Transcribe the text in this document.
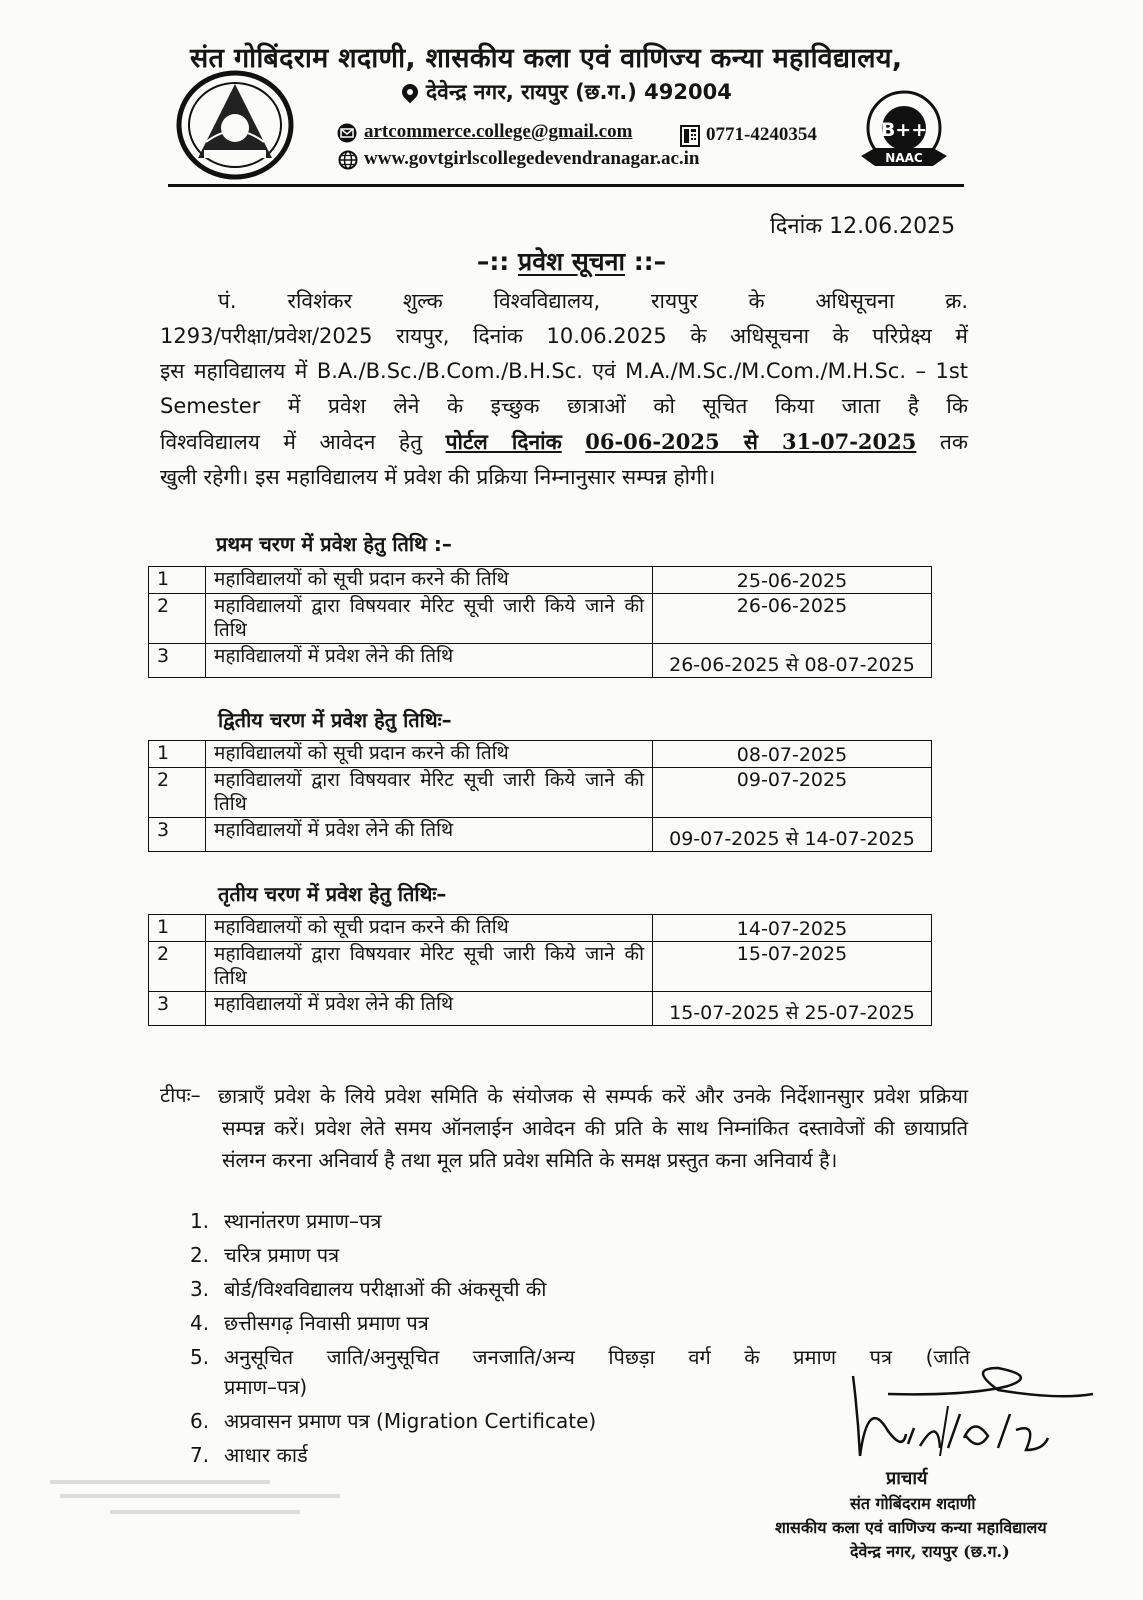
संत गोबिंदराम शदाणी, शासकीय कला एवं वाणिज्य कन्या महाविद्यालय,
देवेन्द्र नगर, रायपुर (छ.ग.) 492004
artcommerce.college@gmail.com	0771-4240354
www.govtgirlscollegedevendranagar.ac.in
B++
NAAC
दिनांक 12.06.2025
–:: प्रवेश सूचना ::–
पं. रविशंकर शुल्क विश्वविद्यालय, रायपुर के अधिसूचना क्र.
1293/परीक्षा/प्रवेश/2025 रायपुर, दिनांक 10.06.2025 के अधिसूचना के परिप्रेक्ष्य में
इस महाविद्यालय में B.A./B.Sc./B.Com./B.H.Sc. एवं M.A./M.Sc./M.Com./M.H.Sc. – 1st
Semester में प्रवेश लेने के इच्छुक छात्राओं को सूचित किया जाता है कि
विश्वविद्यालय में आवेदन हेतु पोर्टल दिनांक 06-06-2025 से 31-07-2025 तक
खुली रहेगी। इस महाविद्यालय में प्रवेश की प्रक्रिया निम्नानुसार सम्पन्न होगी।
प्रथम चरण में प्रवेश हेतु तिथि :–
1	महाविद्यालयों को सूची प्रदान करने की तिथि	25-06-2025
2	महाविद्यालयों द्वारा विषयवार मेरिट सूची जारी किये जाने की तिथि	26-06-2025
3	महाविद्यालयों में प्रवेश लेने की तिथि	26-06-2025 से 08-07-2025
द्वितीय चरण में प्रवेश हेतु तिथिः–
1	महाविद्यालयों को सूची प्रदान करने की तिथि	08-07-2025
2	महाविद्यालयों द्वारा विषयवार मेरिट सूची जारी किये जाने की तिथि	09-07-2025
3	महाविद्यालयों में प्रवेश लेने की तिथि	09-07-2025 से 14-07-2025
तृतीय चरण में प्रवेश हेतु तिथिः–
1	महाविद्यालयों को सूची प्रदान करने की तिथि	14-07-2025
2	महाविद्यालयों द्वारा विषयवार मेरिट सूची जारी किये जाने की तिथि	15-07-2025
3	महाविद्यालयों में प्रवेश लेने की तिथि	15-07-2025 से 25-07-2025
टीपः– छात्राएँ प्रवेश के लिये प्रवेश समिति के संयोजक से सम्पर्क करें और उनके निर्देशानसुार प्रवेश प्रक्रिया सम्पन्न करें। प्रवेश लेते समय ऑनलाईन आवेदन की प्रति के साथ निम्नांकित दस्तावेजों की छायाप्रति संलग्न करना अनिवार्य है तथा मूल प्रति प्रवेश समिति के समक्ष प्रस्तुत कना अनिवार्य है।
1. स्थानांतरण प्रमाण–पत्र
2. चरित्र प्रमाण पत्र
3. बोर्ड/विश्वविद्यालय परीक्षाओं की अंकसूची की
4. छत्तीसगढ़ निवासी प्रमाण पत्र
5. अनुसूचित जाति/अनुसूचित जनजाति/अन्य पिछड़ा वर्ग के प्रमाण पत्र (जाति
प्रमाण–पत्र)
6. अप्रवासन प्रमाण पत्र (Migration Certificate)
7. आधार कार्ड
प्राचार्य
संत गोबिंदराम शदाणी
शासकीय कला एवं वाणिज्य कन्या महाविद्यालय
देवेन्द्र नगर, रायपुर (छ.ग.)
